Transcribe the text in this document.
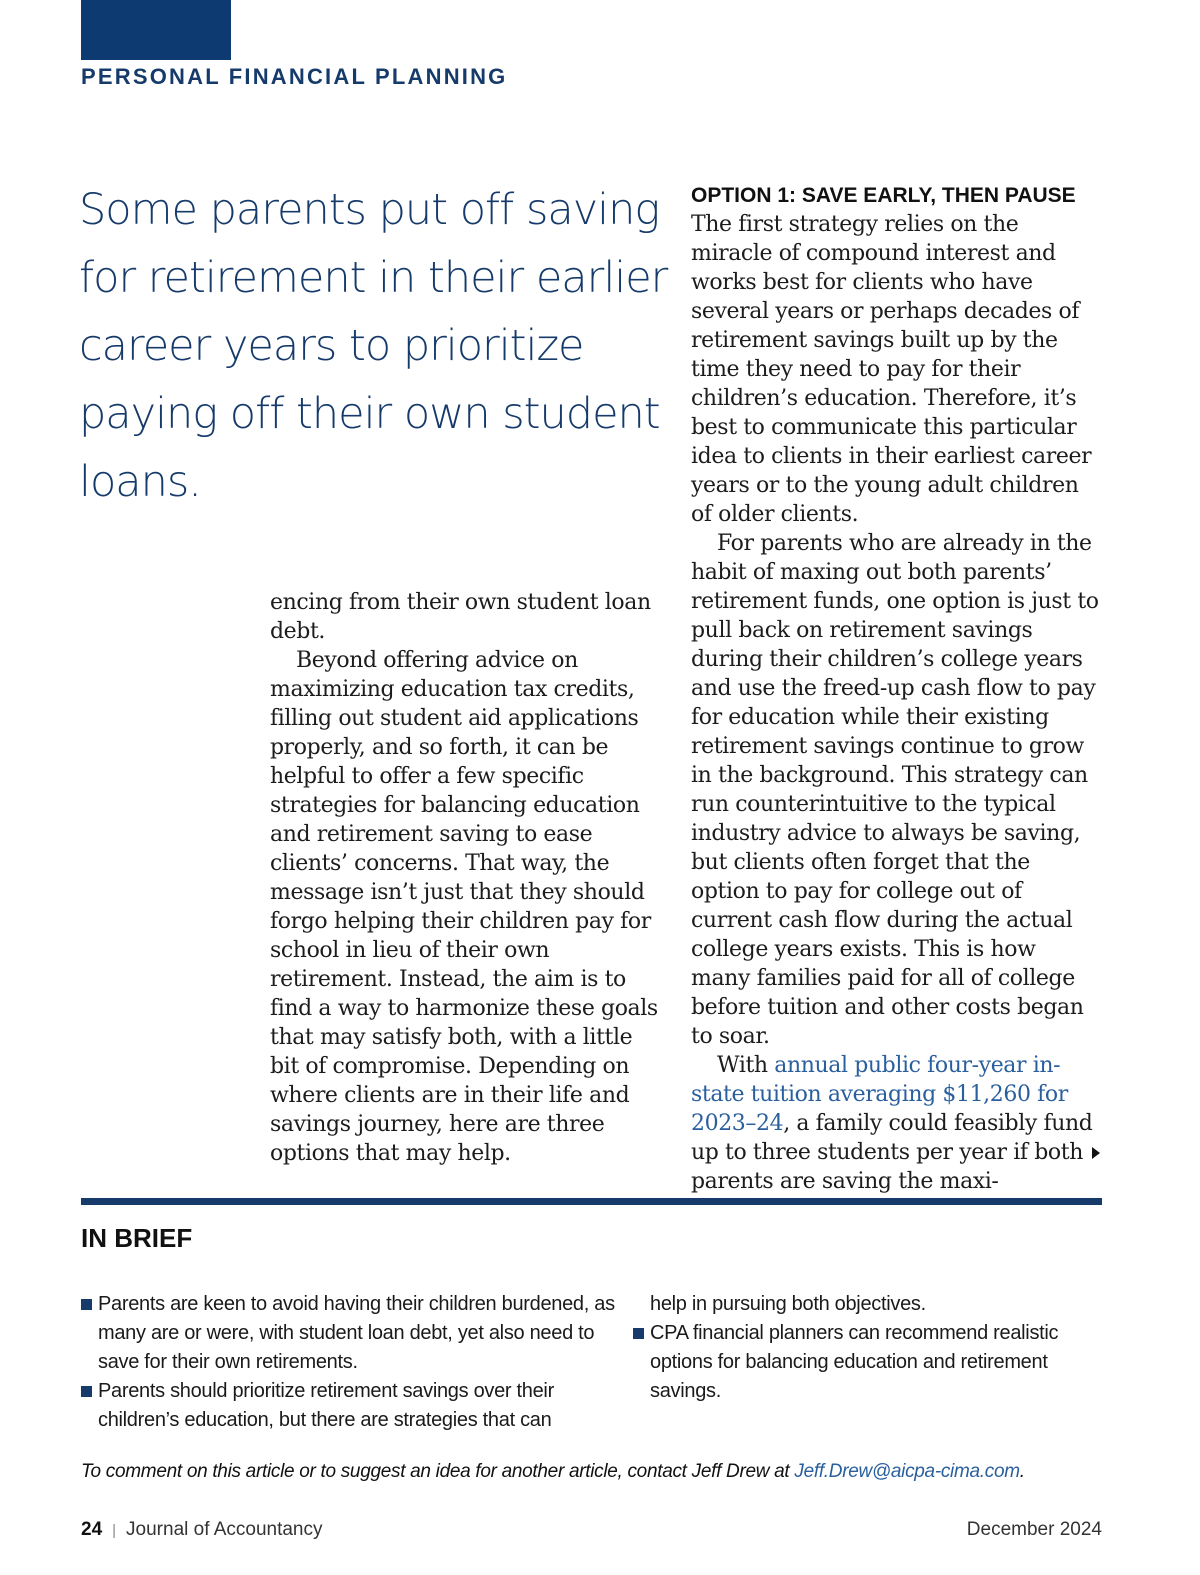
PERSONAL FINANCIAL PLANNING
Some parents put off saving for retirement in their earlier career years to prioritize paying off their own student loans.

encing from their own student loan debt.

Beyond offering advice on maximizing education tax credits, filling out student aid applications properly, and so forth, it can be helpful to offer a few specific strategies for balancing education and retirement saving to ease clients’ concerns. That way, the message isn’t just that they should forgo helping their children pay for school in lieu of their own retirement. Instead, the aim is to find a way to harmonize these goals that may satisfy both, with a little bit of compromise. Depending on where clients are in their life and savings journey, here are three options that may help.

OPTION 1: SAVE EARLY, THEN PAUSE

The first strategy relies on the miracle of compound interest and works best for clients who have several years or perhaps decades of retirement savings built up by the time they need to pay for their children’s education. Therefore, it’s best to communicate this particular idea to clients in their earliest career years or to the young adult children of older clients.

For parents who are already in the habit of maxing out both parents’ retirement funds, one option is just to pull back on retirement savings during their children’s college years and use the freed-up cash flow to pay for education while their existing retirement savings continue to grow in the background. This strategy can run counterintuitive to the typical industry advice to always be saving, but clients often forget that the option to pay for college out of current cash flow during the actual college years exists. This is how many families paid for all of college before tuition and other costs began to soar.

With annual public four-year in-state tuition averaging $11,260 for 2023–24, a family could feasibly fund up to three students per year if both parents are saving the maxi-

IN BRIEF
Parents are keen to avoid having their children burdened, as many are or were, with student loan debt, yet also need to save for their own retirements.
Parents should prioritize retirement savings over their children’s education, but there are strategies that can
help in pursuing both objectives.
CPA financial planners can recommend realistic options for balancing education and retirement savings.
To comment on this article or to suggest an idea for another article, contact Jeff Drew at Jeff.Drew@aicpa-cima.com.
24 | Journal of Accountancy	December 2024
